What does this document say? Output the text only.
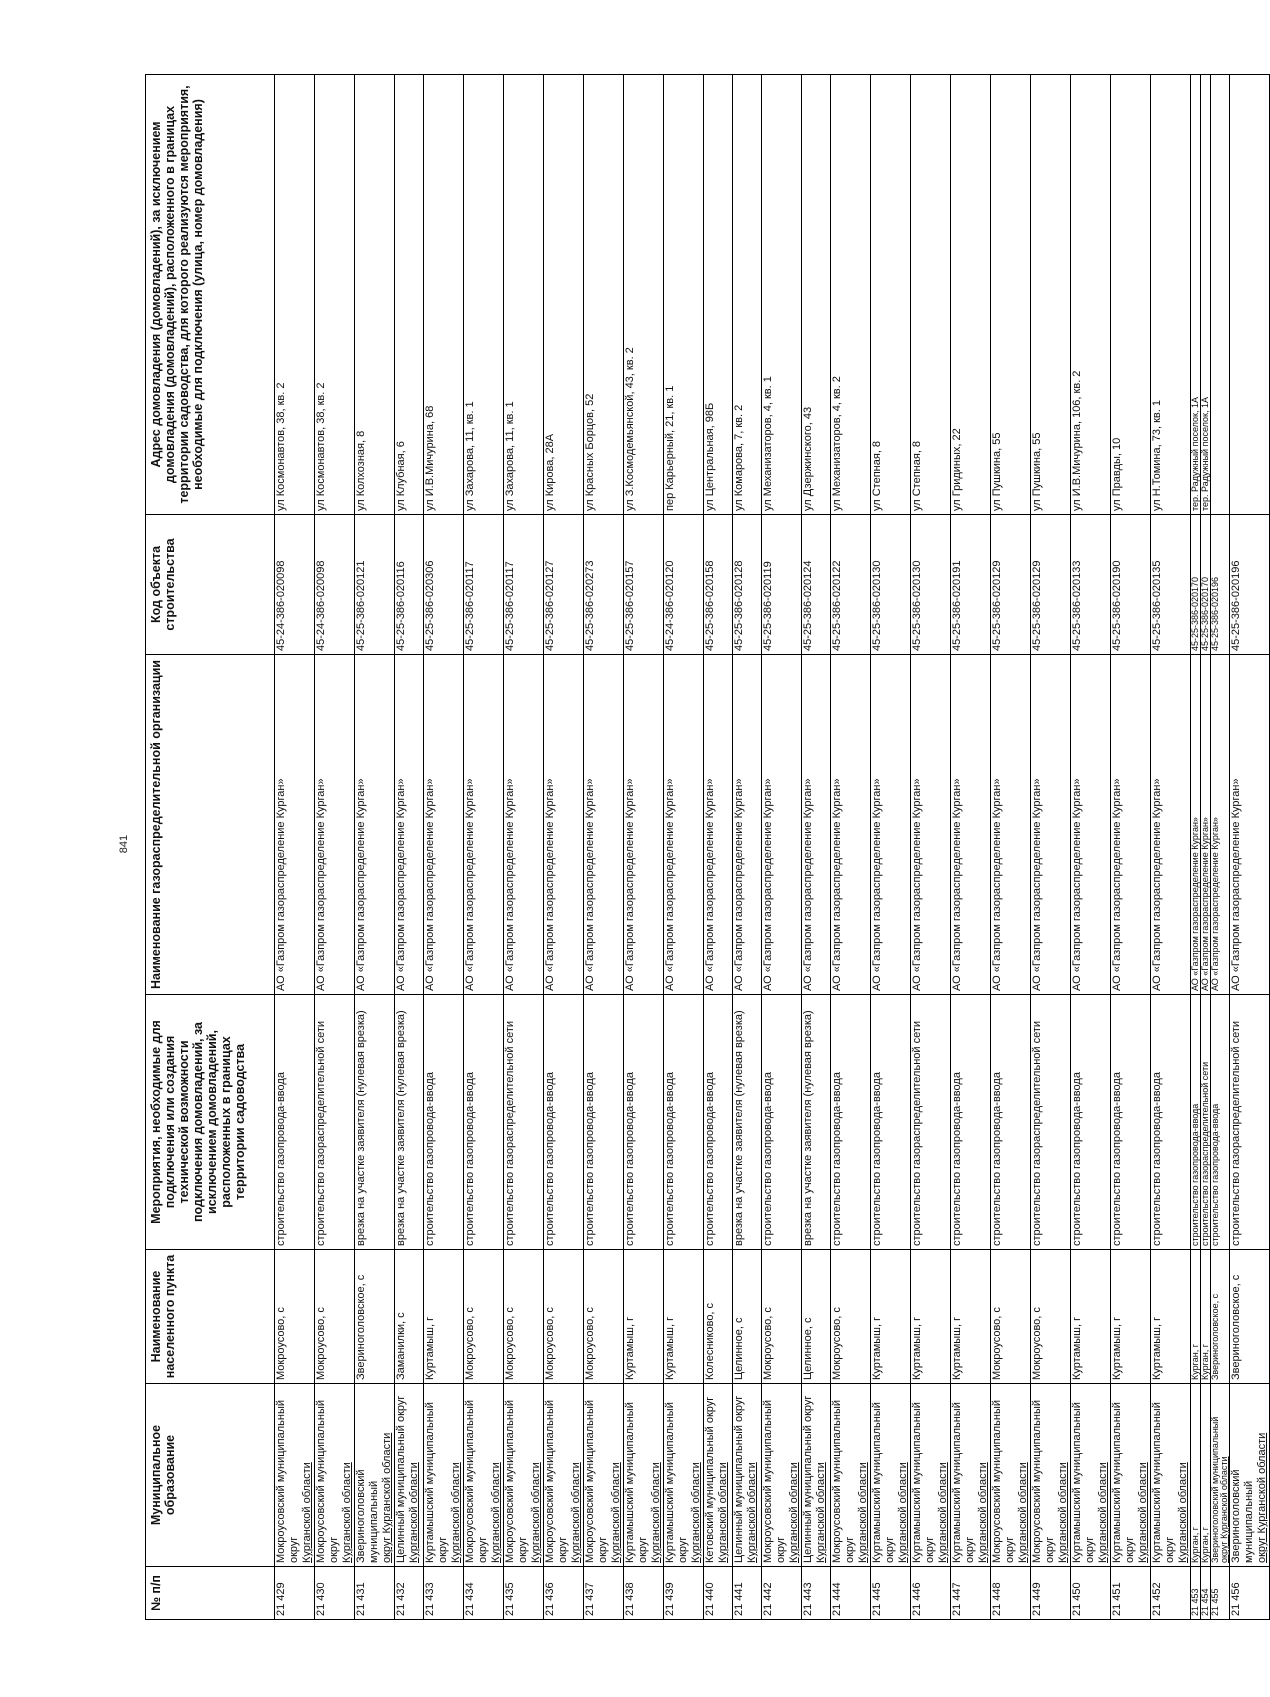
841
№ п/п	Муниципальное образование	Наименование населенного пункта	Мероприятия, необходимые для подключения или создания технической возможности подключения домовладений, за исключением домовладений, расположенных в границах территории садоводства	Наименование газораспределительной организации	Код объекта строительства	Адрес домовладения (домовладений), за исключением домовладения (домовладений), расположенного в границах территории садоводства, для которого реализуются мероприятия, необходимые для подключения (улица, номер домовладения)
21 429	Мокроусовский муниципальный округ Курганской области	Мокроусово, с	строительство газопровода-ввода	АО «Газпром газораспределение Курган»	45-24-386-020098	ул Космонавтов, 38, кв. 2
21 430	Мокроусовский муниципальный округ Курганской области	Мокроусово, с	строительство газораспределительной сети	АО «Газпром газораспределение Курган»	45-24-386-020098	ул Космонавтов, 38, кв. 2
21 431	Звериноголовский муниципальный округ Курганской области	Звериноголовское, с	врезка на участке заявителя (нулевая врезка)	АО «Газпром газораспределение Курган»	45-25-386-020121	ул Колхозная, 8
21 432	Целинный муниципальный округ Курганской области	Заманилки, с	врезка на участке заявителя (нулевая врезка)	АО «Газпром газораспределение Курган»	45-25-386-020116	ул Клубная, 6
21 433	Куртамышский муниципальный округ Курганской области	Куртамыш, г	строительство газопровода-ввода	АО «Газпром газораспределение Курган»	45-25-386-020306	ул И.В.Мичурина, 68
21 434	Мокроусовский муниципальный округ Курганской области	Мокроусово, с	строительство газопровода-ввода	АО «Газпром газораспределение Курган»	45-25-386-020117	ул Захарова, 11, кв. 1
21 435	Мокроусовский муниципальный округ Курганской области	Мокроусово, с	строительство газораспределительной сети	АО «Газпром газораспределение Курган»	45-25-386-020117	ул Захарова, 11, кв. 1
21 436	Мокроусовский муниципальный округ Курганской области	Мокроусово, с	строительство газопровода-ввода	АО «Газпром газораспределение Курган»	45-25-386-020127	ул Кирова, 28А
21 437	Мокроусовский муниципальный округ Курганской области	Мокроусово, с	строительство газопровода-ввода	АО «Газпром газораспределение Курган»	45-25-386-020273	ул Красных Борцов, 52
21 438	Куртамышский муниципальный округ Курганской области	Куртамыш, г	строительство газопровода-ввода	АО «Газпром газораспределение Курган»	45-25-386-020157	ул З.Космодемьянской, 43, кв. 2
21 439	Куртамышский муниципальный округ Курганской области	Куртамыш, г	строительство газопровода-ввода	АО «Газпром газораспределение Курган»	45-24-386-020120	пер Карьерный, 21, кв. 1
21 440	Кетовский муниципальный округ Курганской области	Колесниково, с	строительство газопровода-ввода	АО «Газпром газораспределение Курган»	45-25-386-020158	ул Центральная, 98Б
21 441	Целинный муниципальный округ Курганской области	Целинное, с	врезка на участке заявителя (нулевая врезка)	АО «Газпром газораспределение Курган»	45-25-386-020128	ул Комарова, 7, кв. 2
21 442	Мокроусовский муниципальный округ Курганской области	Мокроусово, с	строительство газопровода-ввода	АО «Газпром газораспределение Курган»	45-25-386-020119	ул Механизаторов, 4, кв. 1
21 443	Целинный муниципальный округ Курганской области	Целинное, с	врезка на участке заявителя (нулевая врезка)	АО «Газпром газораспределение Курган»	45-25-386-020124	ул Дзержинского, 43
21 444	Мокроусовский муниципальный округ Курганской области	Мокроусово, с	строительство газопровода-ввода	АО «Газпром газораспределение Курган»	45-25-386-020122	ул Механизаторов, 4, кв. 2
21 445	Куртамышский муниципальный округ Курганской области	Куртамыш, г	строительство газопровода-ввода	АО «Газпром газораспределение Курган»	45-25-386-020130	ул Степная, 8
21 446	Куртамышский муниципальный округ Курганской области	Куртамыш, г	строительство газораспределительной сети	АО «Газпром газораспределение Курган»	45-25-386-020130	ул Степная, 8
21 447	Куртамышский муниципальный округ Курганской области	Куртамыш, г	строительство газопровода-ввода	АО «Газпром газораспределение Курган»	45-25-386-020191	ул Гридиных, 22
21 448	Мокроусовский муниципальный округ Курганской области	Мокроусово, с	строительство газопровода-ввода	АО «Газпром газораспределение Курган»	45-25-386-020129	ул Пушкина, 55
21 449	Мокроусовский муниципальный округ Курганской области	Мокроусово, с	строительство газораспределительной сети	АО «Газпром газораспределение Курган»	45-25-386-020129	ул Пушкина, 55
21 450	Куртамышский муниципальный округ Курганской области	Куртамыш, г	строительство газопровода-ввода	АО «Газпром газораспределение Курган»	45-25-386-020133	ул И.В.Мичурина, 106, кв. 2
21 451	Куртамышский муниципальный округ Курганской области	Куртамыш, г	строительство газопровода-ввода	АО «Газпром газораспределение Курган»	45-25-386-020190	ул Правды, 10
21 452	Куртамышский муниципальный округ Курганской области	Куртамыш, г	строительство газопровода-ввода	АО «Газпром газораспределение Курган»	45-25-386-020135	ул Н.Томина, 73, кв. 1
21 453	Курган, г	Курган, г	строительство газопровода-ввода	АО «Газпром газораспределение Курган»	45-25-386-020170	тер. Радужный поселок, 1А
21 454	Курган, г	Курган, г	строительство газораспределительной сети	АО «Газпром газораспределение Курган»	45-25-386-020170	тер. Радужный поселок, 1А
21 455	Звериноголовский муниципальный округ Курганской области	Звериноголовское, с	строительство газопровода-ввода	АО «Газпром газораспределение Курган»	45-25-386-020196	
21 456	Звериноголовский муниципальный округ Курганской области	Звериноголовское, с	строительство газораспределительной сети	АО «Газпром газораспределение Курган»	45-25-386-020196	
